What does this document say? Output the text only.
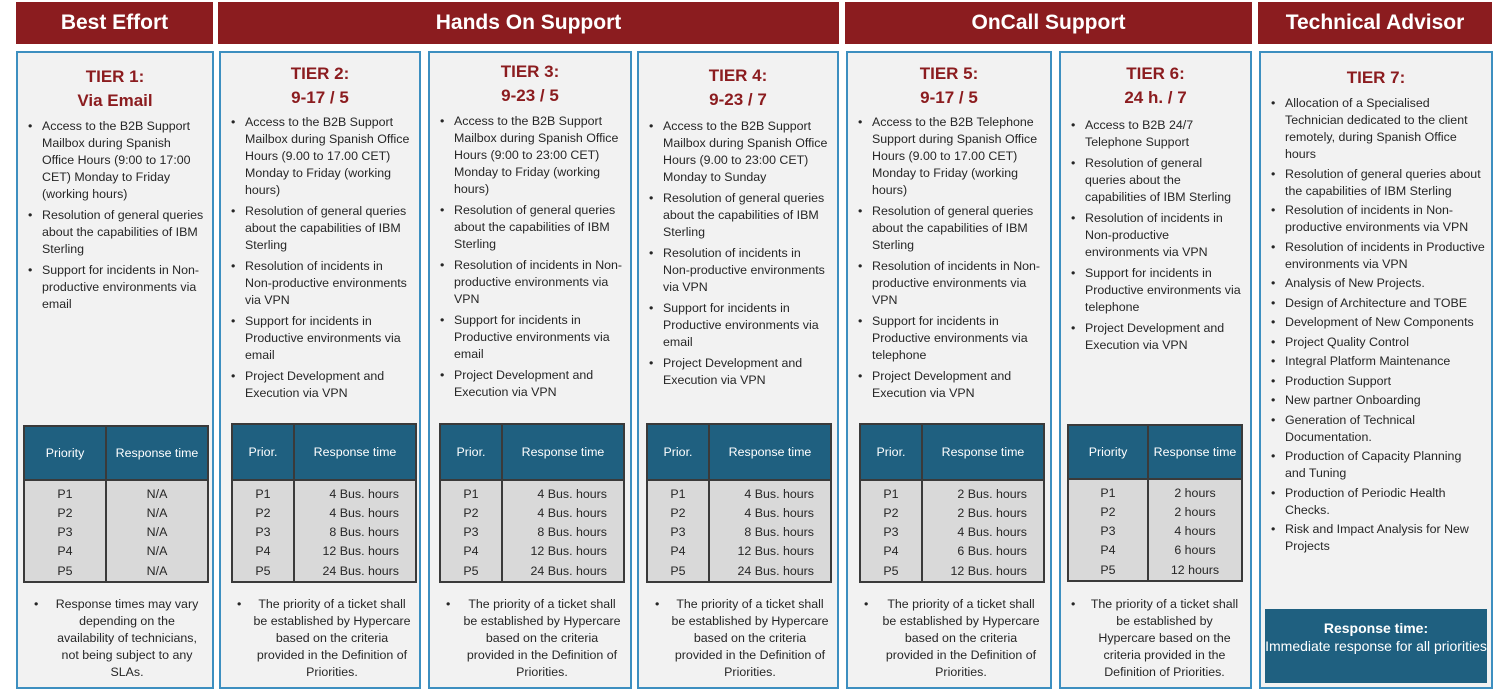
Best Effort	Hands On Support	OnCall Support	Technical Advisor
TIER 1:
Via Email
• Access to the B2B Support Mailbox during Spanish Office Hours (9:00 to 17:00 CET) Monday to Friday (working hours)
• Resolution of general queries about the capabilities of IBM Sterling
• Support for incidents in Non-productive environments via email
Priority	Response time
P1	N/A
P2	N/A
P3	N/A
P4	N/A
P5	N/A
• Response times may vary depending on the availability of technicians, not being subject to any SLAs.
TIER 2:
9-17 / 5
• Access to the B2B Support Mailbox during Spanish Office Hours (9.00 to 17.00 CET) Monday to Friday (working hours)
• Resolution of general queries about the capabilities of IBM Sterling
• Resolution of incidents in Non-productive environments via VPN
• Support for incidents in Productive environments via email
• Project Development and Execution via VPN
Prior.	Response time
P1	4 Bus. hours
P2	4 Bus. hours
P3	8 Bus. hours
P4	12 Bus. hours
P5	24 Bus. hours
• The priority of a ticket shall be established by Hypercare based on the criteria provided in the Definition of Priorities.
TIER 3:
9-23 / 5
• Access to the B2B Support Mailbox during Spanish Office Hours (9:00 to 23:00 CET) Monday to Friday (working hours)
• Resolution of general queries about the capabilities of IBM Sterling
• Resolution of incidents in Non-productive environments via VPN
• Support for incidents in Productive environments via email
• Project Development and Execution via VPN
Prior.	Response time
P1	4 Bus. hours
P2	4 Bus. hours
P3	8 Bus. hours
P4	12 Bus. hours
P5	24 Bus. hours
• The priority of a ticket shall be established by Hypercare based on the criteria provided in the Definition of Priorities.
TIER 4:
9-23 / 7
• Access to the B2B Support Mailbox during Spanish Office Hours (9.00 to 23:00 CET) Monday to Sunday
• Resolution of general queries about the capabilities of IBM Sterling
• Resolution of incidents in Non-productive environments via VPN
• Support for incidents in Productive environments via email
• Project Development and Execution via VPN
Prior.	Response time
P1	4 Bus. hours
P2	4 Bus. hours
P3	8 Bus. hours
P4	12 Bus. hours
P5	24 Bus. hours
• The priority of a ticket shall be established by Hypercare based on the criteria provided in the Definition of Priorities.
TIER 5:
9-17 / 5
• Access to the B2B Telephone Support during Spanish Office Hours (9.00 to 17.00 CET) Monday to Friday (working hours)
• Resolution of general queries about the capabilities of IBM Sterling
• Resolution of incidents in Non-productive environments via VPN
• Support for incidents in Productive environments via telephone
• Project Development and Execution via VPN
Prior.	Response time
P1	2 Bus. hours
P2	2 Bus. hours
P3	4 Bus. hours
P4	6 Bus. hours
P5	12 Bus. hours
• The priority of a ticket shall be established by Hypercare based on the criteria provided in the Definition of Priorities.
TIER 6:
24 h. / 7
• Access to B2B 24/7 Telephone Support
• Resolution of general queries about the capabilities of IBM Sterling
• Resolution of incidents in Non-productive environments via VPN
• Support for incidents in Productive environments via telephone
• Project Development and Execution via VPN
Priority	Response time
P1	2 hours
P2	2 hours
P3	4 hours
P4	6 hours
P5	12 hours
• The priority of a ticket shall be established by Hypercare based on the criteria provided in the Definition of Priorities.
TIER 7:
• Allocation of a Specialised Technician dedicated to the client remotely, during Spanish Office hours
• Resolution of general queries about the capabilities of IBM Sterling
• Resolution of incidents in Non-productive environments via VPN
• Resolution of incidents in Productive environments via VPN
• Analysis of New Projects.
• Design of Architecture and TOBE
• Development of New Components
• Project Quality Control
• Integral Platform Maintenance
• Production Support
• New partner Onboarding
• Generation of Technical Documentation.
• Production of Capacity Planning and Tuning
• Production of Periodic Health Checks.
• Risk and Impact Analysis for New Projects
Response time:
Immediate response for all priorities
